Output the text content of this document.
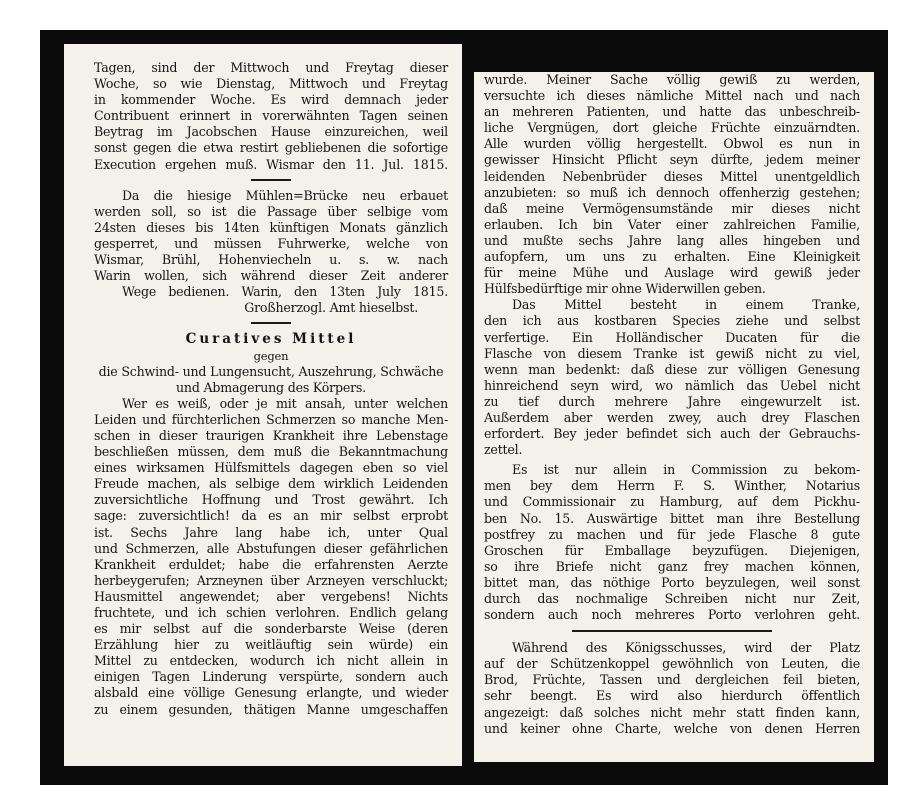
Tagen, sind der Mittwoch und Freytag dieser
Woche, so wie Dienstag, Mittwoch und Freytag
in kommender Woche. Es wird demnach jeder
Contribuent erinnert in vorerwähnten Tagen seinen
Beytrag im Jacobschen Hause einzureichen, weil
sonst gegen die etwa restirt gebliebenen die sofortige
Execution ergehen muß. Wismar den 11. Jul. 1815.
Da die hiesige Mühlen=Brücke neu erbauet
werden soll, so ist die Passage über selbige vom
24sten dieses bis 14ten künftigen Monats gänzlich
gesperret, und müssen Fuhrwerke, welche von
Wismar, Brühl, Hohenviecheln u. s. w. nach
Warin wollen, sich während dieser Zeit anderer
Wege bedienen. Warin, den 13ten July 1815.
Großherzogl. Amt hieselbst.
Curatives Mittel
gegen
die Schwind- und Lungensucht, Auszehrung, Schwäche
und Abmagerung des Körpers.
Wer es weiß, oder je mit ansah, unter welchen
Leiden und fürchterlichen Schmerzen so manche Men-
schen in dieser traurigen Krankheit ihre Lebenstage
beschließen müssen, dem muß die Bekanntmachung
eines wirksamen Hülfsmittels dagegen eben so viel
Freude machen, als selbige dem wirklich Leidenden
zuversichtliche Hoffnung und Trost gewährt. Ich
sage: zuversichtlich! da es an mir selbst erprobt
ist. Sechs Jahre lang habe ich, unter Qual
und Schmerzen, alle Abstufungen dieser gefährlichen
Krankheit erduldet; habe die erfahrensten Aerzte
herbeygerufen; Arzneynen über Arzneyen verschluckt;
Hausmittel angewendet; aber vergebens! Nichts
fruchtete, und ich schien verlohren. Endlich gelang
es mir selbst auf die sonderbarste Weise (deren
Erzählung hier zu weitläuftig sein würde) ein
Mittel zu entdecken, wodurch ich nicht allein in
einigen Tagen Linderung verspürte, sondern auch
alsbald eine völlige Genesung erlangte, und wieder
zu einem gesunden, thätigen Manne umgeschaffen
wurde. Meiner Sache völlig gewiß zu werden,
versuchte ich dieses nämliche Mittel nach und nach
an mehreren Patienten, und hatte das unbeschreib-
liche Vergnügen, dort gleiche Früchte einzuärndten.
Alle wurden völlig hergestellt. Obwol es nun in
gewisser Hinsicht Pflicht seyn dürfte, jedem meiner
leidenden Nebenbrüder dieses Mittel unentgeldlich
anzubieten: so muß ich dennoch offenherzig gestehen;
daß meine Vermögensumstände mir dieses nicht
erlauben. Ich bin Vater einer zahlreichen Familie,
und mußte sechs Jahre lang alles hingeben und
aufopfern, um uns zu erhalten. Eine Kleinigkeit
für meine Mühe und Auslage wird gewiß jeder
Hülfsbedürftige mir ohne Widerwillen geben.
Das Mittel besteht in einem Tranke,
den ich aus kostbaren Species ziehe und selbst
verfertige. Ein Holländischer Ducaten für die
Flasche von diesem Tranke ist gewiß nicht zu viel,
wenn man bedenkt: daß diese zur völligen Genesung
hinreichend seyn wird, wo nämlich das Uebel nicht
zu tief durch mehrere Jahre eingewurzelt ist.
Außerdem aber werden zwey, auch drey Flaschen
erfordert. Bey jeder befindet sich auch der Gebrauchs-
zettel.
Es ist nur allein in Commission zu bekom-
men bey dem Herrn F. S. Winther, Notarius
und Commissionair zu Hamburg, auf dem Pickhu-
ben No. 15. Auswärtige bittet man ihre Bestellung
postfrey zu machen und für jede Flasche 8 gute
Groschen für Emballage beyzufügen. Diejenigen,
so ihre Briefe nicht ganz frey machen können,
bittet man, das nöthige Porto beyzulegen, weil sonst
durch das nochmalige Schreiben nicht nur Zeit,
sondern auch noch mehreres Porto verlohren geht.
Während des Königsschusses, wird der Platz
auf der Schützenkoppel gewöhnlich von Leuten, die
Brod, Früchte, Tassen und dergleichen feil bieten,
sehr beengt. Es wird also hierdurch öffentlich
angezeigt: daß solches nicht mehr statt finden kann,
und keiner ohne Charte, welche von denen Herren
